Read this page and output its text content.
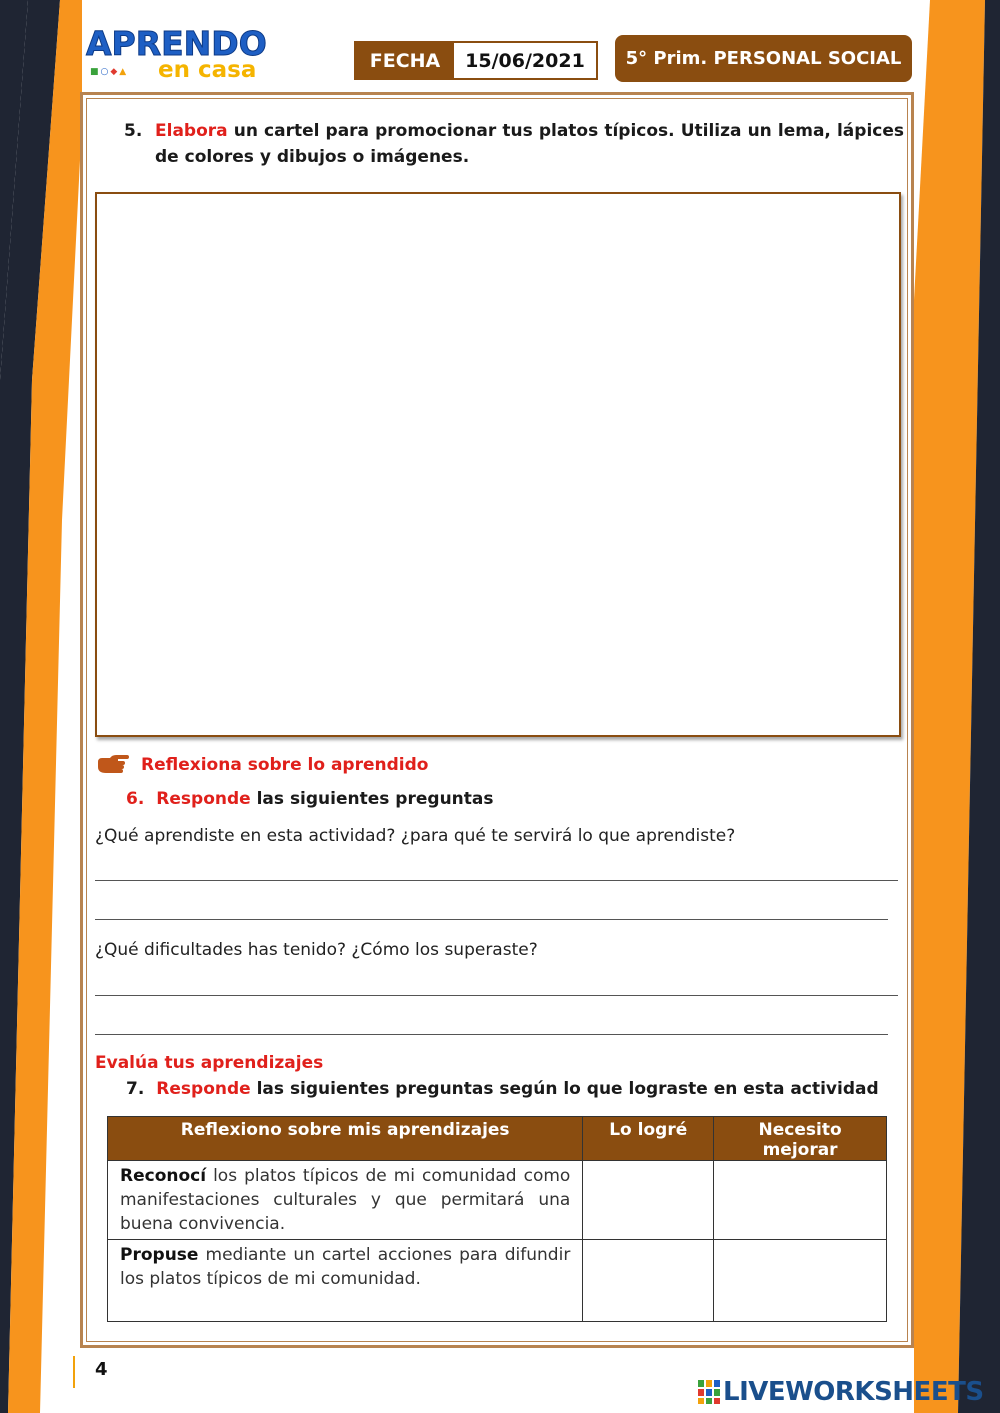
APRENDO
■○◆▲ en casa	FECHA	15/06/2021	5° Prim. PERSONAL SOCIAL
5. Elabora un cartel para promocionar tus platos típicos. Utiliza un lema, lápices de colores y dibujos o imágenes.
Reflexiona sobre lo aprendido
6. Responde las siguientes preguntas
¿Qué aprendiste en esta actividad? ¿para qué te servirá lo que aprendiste?
¿Qué dificultades has tenido? ¿Cómo los superaste?
Evalúa tus aprendizajes
7. Responde las siguientes preguntas según lo que lograste en esta actividad
Reflexiono sobre mis aprendizajes	Lo logré	Necesito mejorar
Reconocí los platos típicos de mi comunidad como manifestaciones culturales y que permitará una buena convivencia.		
Propuse mediante un cartel acciones para difundir los platos típicos de mi comunidad.		
4
LIVEWORKSHEETS
